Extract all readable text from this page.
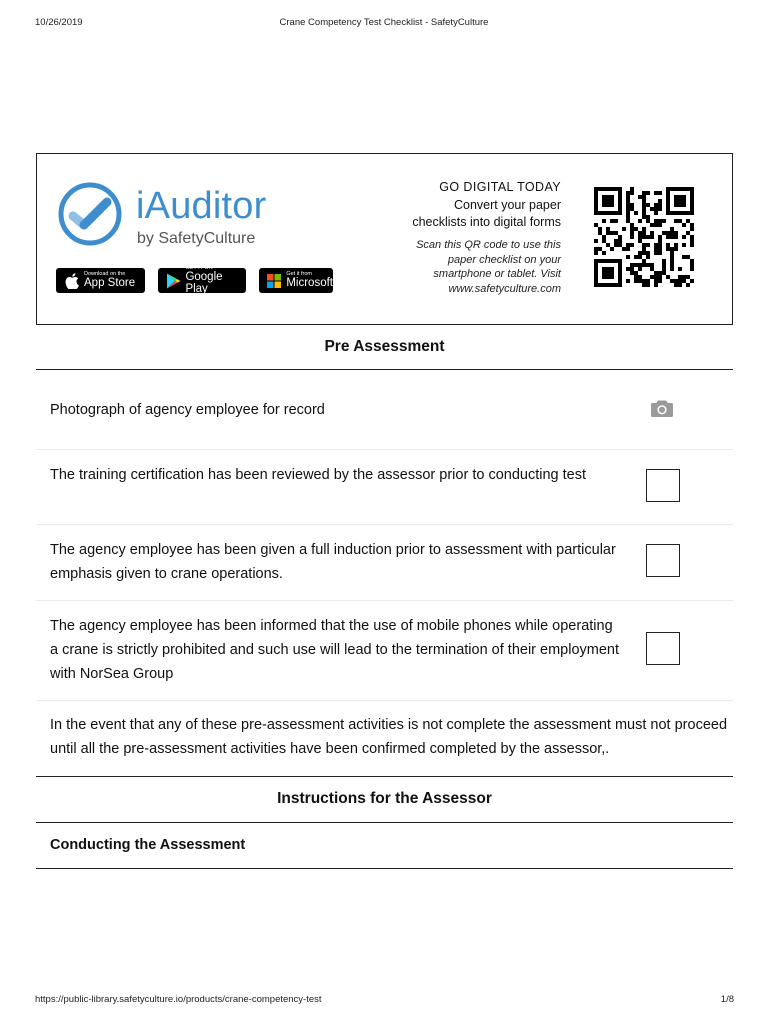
10/26/2019	Crane Competency Test Checklist - SafetyCulture
iAuditor
by SafetyCulture
Download on the
App Store
GET IT ON
Google Play
Get it from
Microsoft
GO DIGITAL TODAY
Convert your paper
checklists into digital forms
Scan this QR code to use this
paper checklist on your
smartphone or tablet. Visit
www.safetyculture.com
Pre Assessment
Photograph of agency employee for record
The training certification has been reviewed by the assessor prior to conducting test
The agency employee has been given a full induction prior to assessment with particular emphasis given to crane operations.
The agency employee has been informed that the use of mobile phones while operating a crane is strictly prohibited and such use will lead to the termination of their employment with NorSea Group
In the event that any of these pre-assessment activities is not complete the assessment must not proceed until all the pre-assessment activities have been confirmed completed by the assessor,.
Instructions for the Assessor
Conducting the Assessment
https://public-library.safetyculture.io/products/crane-competency-test	1/8
